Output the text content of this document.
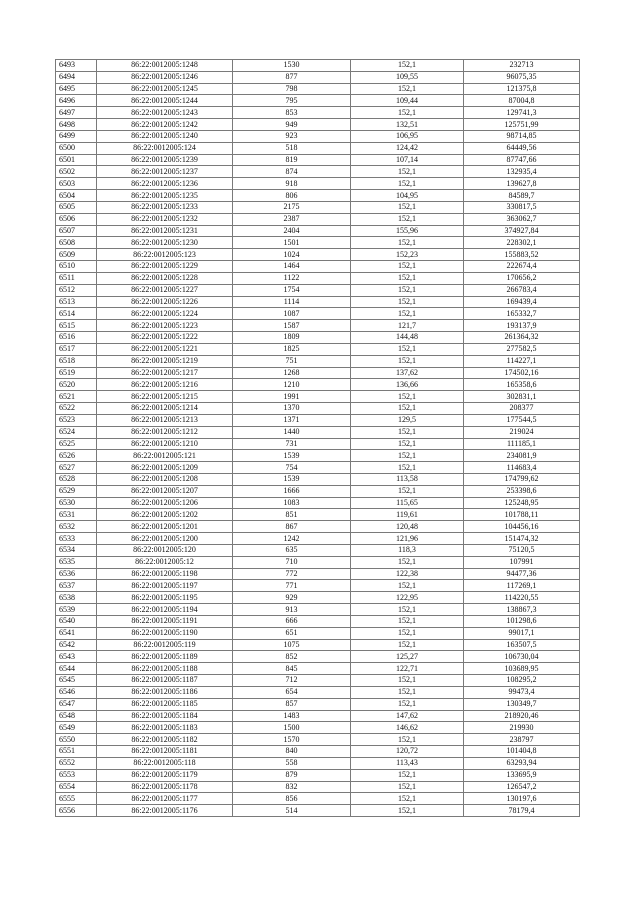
6493	86:22:0012005:1248	1530	152,1	232713
6494	86:22:0012005:1246	877	109,55	96075,35
6495	86:22:0012005:1245	798	152,1	121375,8
6496	86:22:0012005:1244	795	109,44	87004,8
6497	86:22:0012005:1243	853	152,1	129741,3
6498	86:22:0012005:1242	949	132,51	125751,99
6499	86:22:0012005:1240	923	106,95	98714,85
6500	86:22:0012005:124	518	124,42	64449,56
6501	86:22:0012005:1239	819	107,14	87747,66
6502	86:22:0012005:1237	874	152,1	132935,4
6503	86:22:0012005:1236	918	152,1	139627,8
6504	86:22:0012005:1235	806	104,95	84589,7
6505	86:22:0012005:1233	2175	152,1	330817,5
6506	86:22:0012005:1232	2387	152,1	363062,7
6507	86:22:0012005:1231	2404	155,96	374927,84
6508	86:22:0012005:1230	1501	152,1	228302,1
6509	86:22:0012005:123	1024	152,23	155883,52
6510	86:22:0012005:1229	1464	152,1	222674,4
6511	86:22:0012005:1228	1122	152,1	170656,2
6512	86:22:0012005:1227	1754	152,1	266783,4
6513	86:22:0012005:1226	1114	152,1	169439,4
6514	86:22:0012005:1224	1087	152,1	165332,7
6515	86:22:0012005:1223	1587	121,7	193137,9
6516	86:22:0012005:1222	1809	144,48	261364,32
6517	86:22:0012005:1221	1825	152,1	277582,5
6518	86:22:0012005:1219	751	152,1	114227,1
6519	86:22:0012005:1217	1268	137,62	174502,16
6520	86:22:0012005:1216	1210	136,66	165358,6
6521	86:22:0012005:1215	1991	152,1	302831,1
6522	86:22:0012005:1214	1370	152,1	208377
6523	86:22:0012005:1213	1371	129,5	177544,5
6524	86:22:0012005:1212	1440	152,1	219024
6525	86:22:0012005:1210	731	152,1	111185,1
6526	86:22:0012005:121	1539	152,1	234081,9
6527	86:22:0012005:1209	754	152,1	114683,4
6528	86:22:0012005:1208	1539	113,58	174799,62
6529	86:22:0012005:1207	1666	152,1	253398,6
6530	86:22:0012005:1206	1083	115,65	125248,95
6531	86:22:0012005:1202	851	119,61	101788,11
6532	86:22:0012005:1201	867	120,48	104456,16
6533	86:22:0012005:1200	1242	121,96	151474,32
6534	86:22:0012005:120	635	118,3	75120,5
6535	86:22:0012005:12	710	152,1	107991
6536	86:22:0012005:1198	772	122,38	94477,36
6537	86:22:0012005:1197	771	152,1	117269,1
6538	86:22:0012005:1195	929	122,95	114220,55
6539	86:22:0012005:1194	913	152,1	138867,3
6540	86:22:0012005:1191	666	152,1	101298,6
6541	86:22:0012005:1190	651	152,1	99017,1
6542	86:22:0012005:119	1075	152,1	163507,5
6543	86:22:0012005:1189	852	125,27	106730,04
6544	86:22:0012005:1188	845	122,71	103689,95
6545	86:22:0012005:1187	712	152,1	108295,2
6546	86:22:0012005:1186	654	152,1	99473,4
6547	86:22:0012005:1185	857	152,1	130349,7
6548	86:22:0012005:1184	1483	147,62	218920,46
6549	86:22:0012005:1183	1500	146,62	219930
6550	86:22:0012005:1182	1570	152,1	238797
6551	86:22:0012005:1181	840	120,72	101404,8
6552	86:22:0012005:118	558	113,43	63293,94
6553	86:22:0012005:1179	879	152,1	133695,9
6554	86:22:0012005:1178	832	152,1	126547,2
6555	86:22:0012005:1177	856	152,1	130197,6
6556	86:22:0012005:1176	514	152,1	78179,4
